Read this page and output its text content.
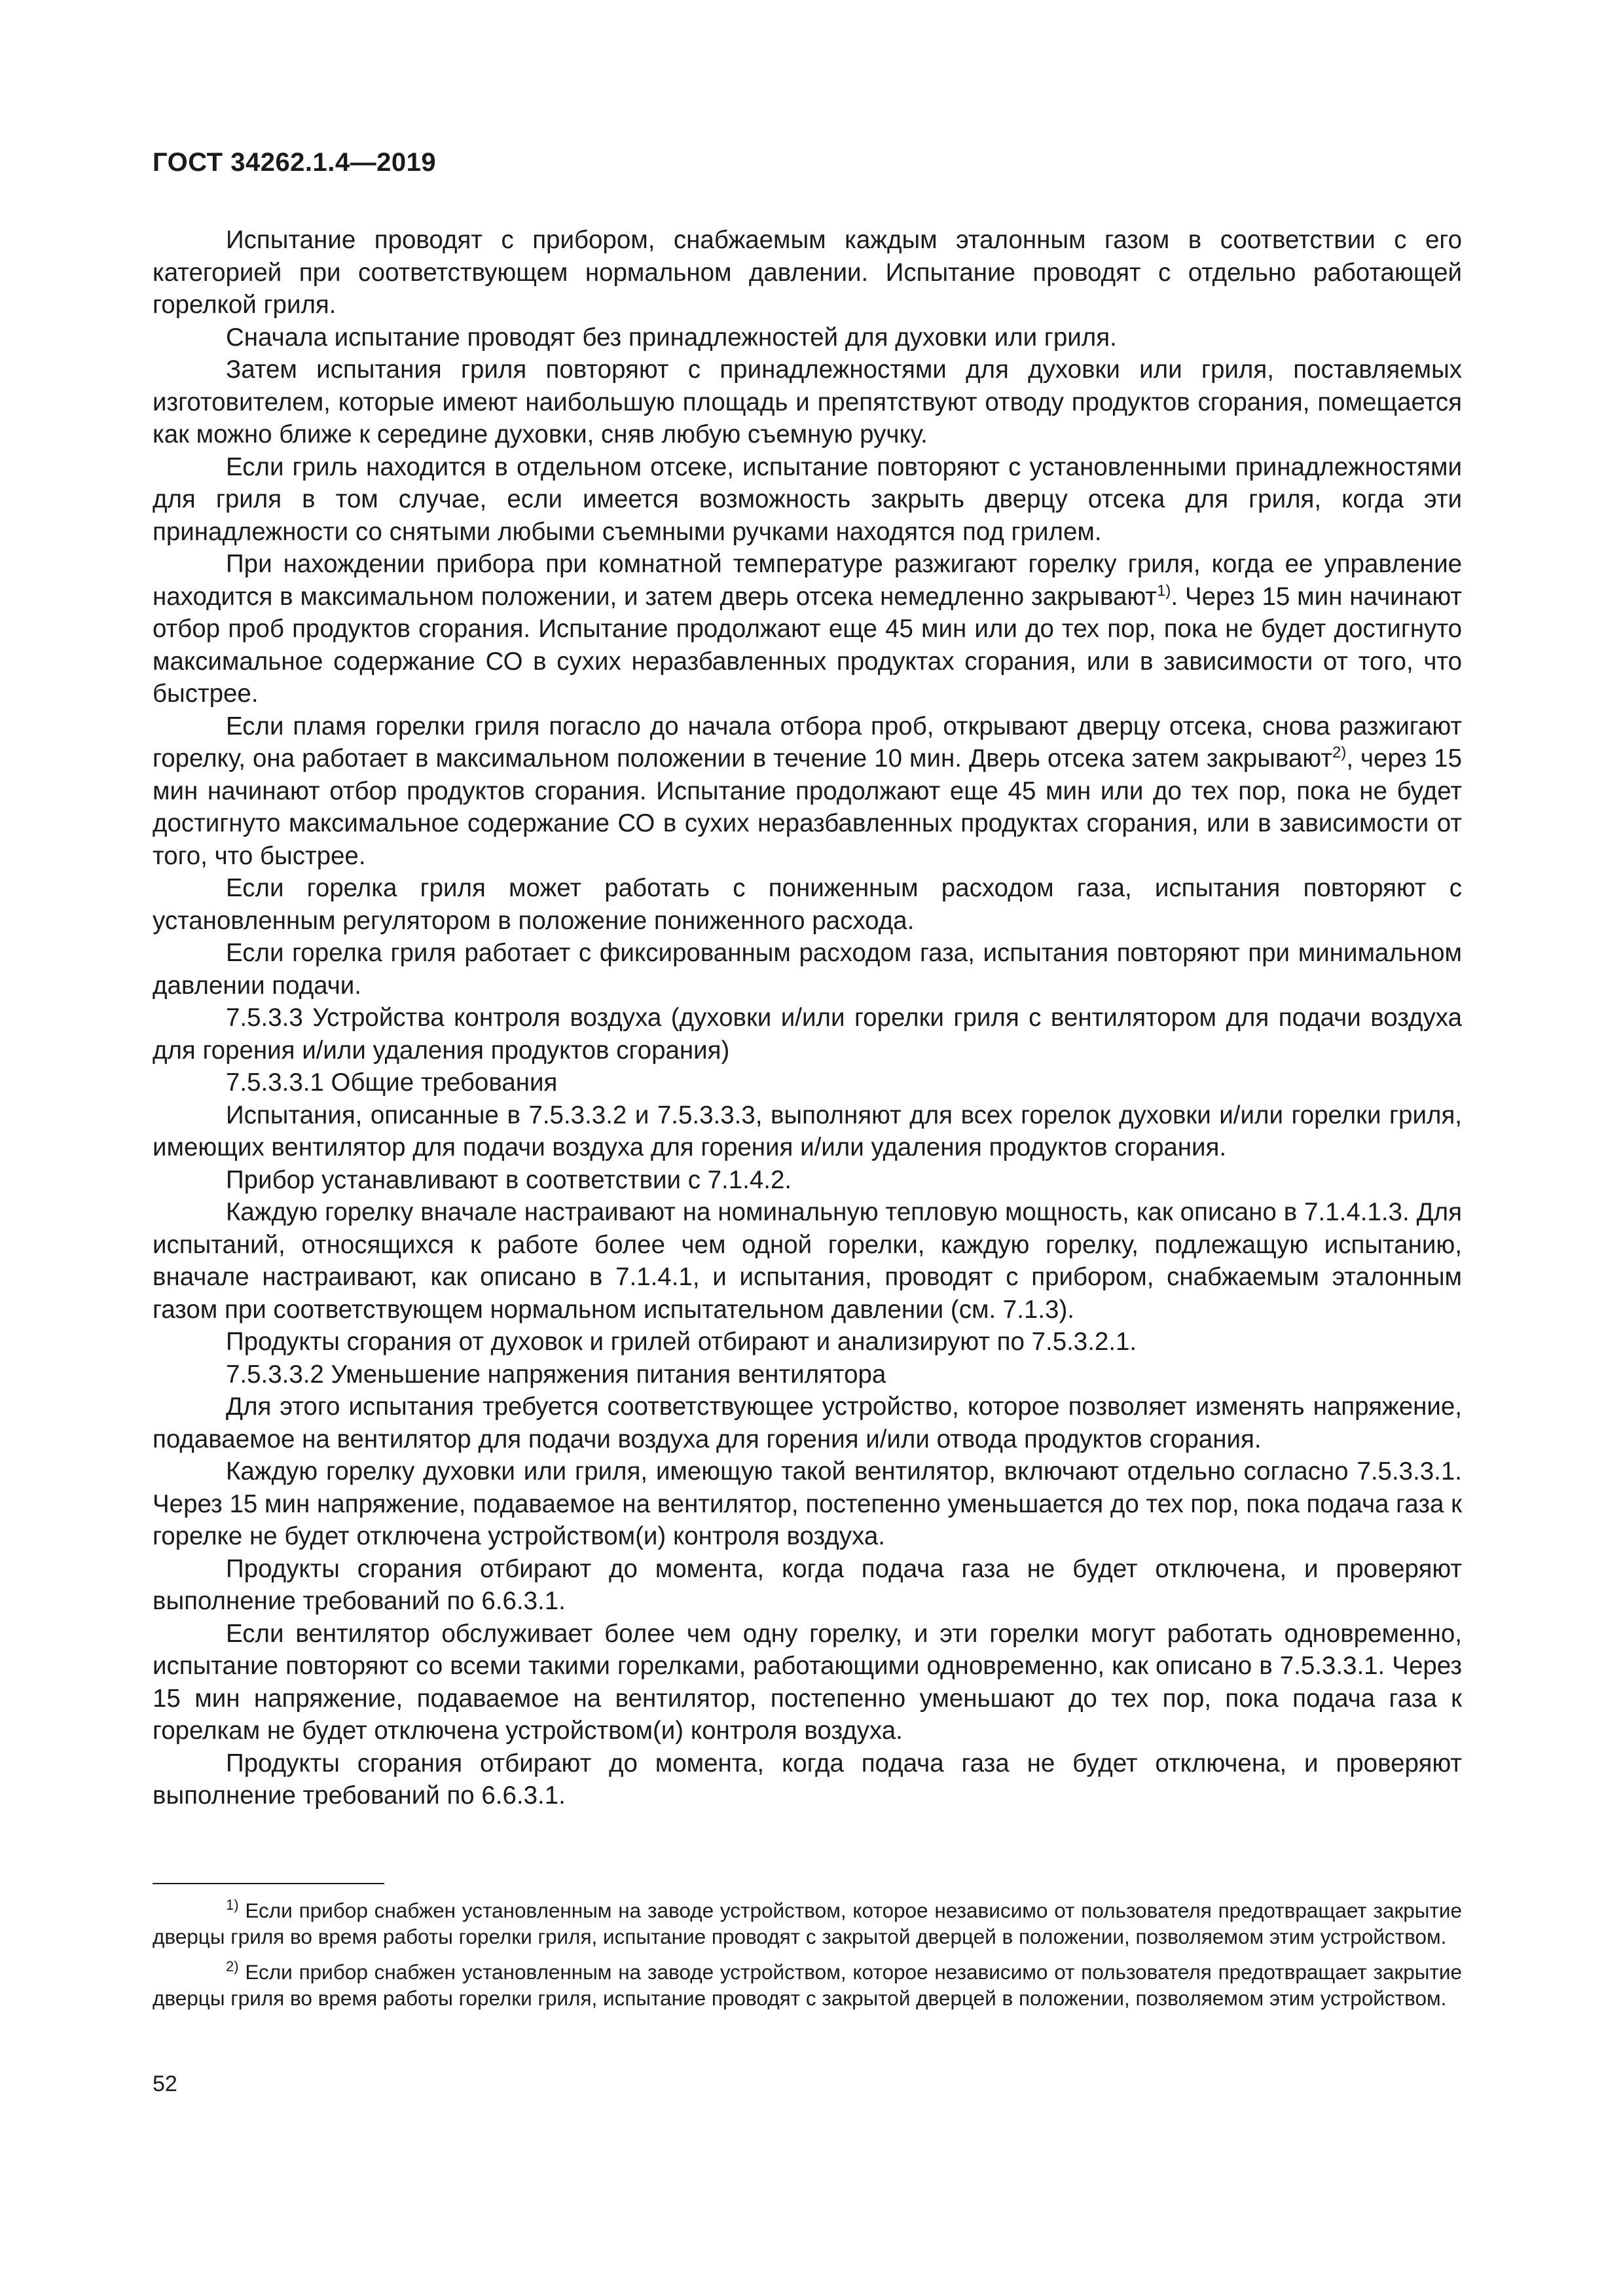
ГОСТ 34262.1.4—2019

Испытание проводят с прибором, снабжаемым каждым эталонным газом в соответствии с его категорией при соответствующем нормальном давлении. Испытание проводят с отдельно работающей горелкой гриля.

Сначала испытание проводят без принадлежностей для духовки или гриля.

Затем испытания гриля повторяют с принадлежностями для духовки или гриля, поставляемых изготовителем, которые имеют наибольшую площадь и препятствуют отводу продуктов сгорания, помещается как можно ближе к середине духовки, сняв любую съемную ручку.

Если гриль находится в отдельном отсеке, испытание повторяют с установленными принадлежностями для гриля в том случае, если имеется возможность закрыть дверцу отсека для гриля, когда эти принадлежности со снятыми любыми съемными ручками находятся под грилем.

При нахождении прибора при комнатной температуре разжигают горелку гриля, когда ее управление находится в максимальном положении, и затем дверь отсека немедленно закрывают$^{1)}$. Через 15 мин начинают отбор проб продуктов сгорания. Испытание продолжают еще 45 мин или до тех пор, пока не будет достигнуто максимальное содержание СО в сухих неразбавленных продуктах сгорания, или в зависимости от того, что быстрее.

Если пламя горелки гриля погасло до начала отбора проб, открывают дверцу отсека, снова разжигают горелку, она работает в максимальном положении в течение 10 мин. Дверь отсека затем закрывают$^{2)}$, через 15 мин начинают отбор продуктов сгорания. Испытание продолжают еще 45 мин или до тех пор, пока не будет достигнуто максимальное содержание СО в сухих неразбавленных продуктах сгорания, или в зависимости от того, что быстрее.

Если горелка гриля может работать с пониженным расходом газа, испытания повторяют с установленным регулятором в положение пониженного расхода.

Если горелка гриля работает с фиксированным расходом газа, испытания повторяют при минимальном давлении подачи.

7.5.3.3 Устройства контроля воздуха (духовки и/или горелки гриля с вентилятором для подачи воздуха для горения и/или удаления продуктов сгорания)

7.5.3.3.1 Общие требования

Испытания, описанные в 7.5.3.3.2 и 7.5.3.3.3, выполняют для всех горелок духовки и/или горелки гриля, имеющих вентилятор для подачи воздуха для горения и/или удаления продуктов сгорания.

Прибор устанавливают в соответствии с 7.1.4.2.

Каждую горелку вначале настраивают на номинальную тепловую мощность, как описано в 7.1.4.1.3. Для испытаний, относящихся к работе более чем одной горелки, каждую горелку, подлежащую испытанию, вначале настраивают, как описано в 7.1.4.1, и испытания, проводят с прибором, снабжаемым эталонным газом при соответствующем нормальном испытательном давлении (см. 7.1.3).

Продукты сгорания от духовок и грилей отбирают и анализируют по 7.5.3.2.1.

7.5.3.3.2 Уменьшение напряжения питания вентилятора

Для этого испытания требуется соответствующее устройство, которое позволяет изменять напряжение, подаваемое на вентилятор для подачи воздуха для горения и/или отвода продуктов сгорания.

Каждую горелку духовки или гриля, имеющую такой вентилятор, включают отдельно согласно 7.5.3.3.1. Через 15 мин напряжение, подаваемое на вентилятор, постепенно уменьшается до тех пор, пока подача газа к горелке не будет отключена устройством(и) контроля воздуха.

Продукты сгорания отбирают до момента, когда подача газа не будет отключена, и проверяют выполнение требований по 6.6.3.1.

Если вентилятор обслуживает более чем одну горелку, и эти горелки могут работать одновременно, испытание повторяют со всеми такими горелками, работающими одновременно, как описано в 7.5.3.3.1. Через 15 мин напряжение, подаваемое на вентилятор, постепенно уменьшают до тех пор, пока подача газа к горелкам не будет отключена устройством(и) контроля воздуха.

Продукты сгорания отбирают до момента, когда подача газа не будет отключена, и проверяют выполнение требований по 6.6.3.1.

$^{1)}$ Если прибор снабжен установленным на заводе устройством, которое независимо от пользователя предотвращает закрытие дверцы гриля во время работы горелки гриля, испытание проводят с закрытой дверцей в положении, позволяемом этим устройством.

$^{2)}$ Если прибор снабжен установленным на заводе устройством, которое независимо от пользователя предотвращает закрытие дверцы гриля во время работы горелки гриля, испытание проводят с закрытой дверцей в положении, позволяемом этим устройством.

52
